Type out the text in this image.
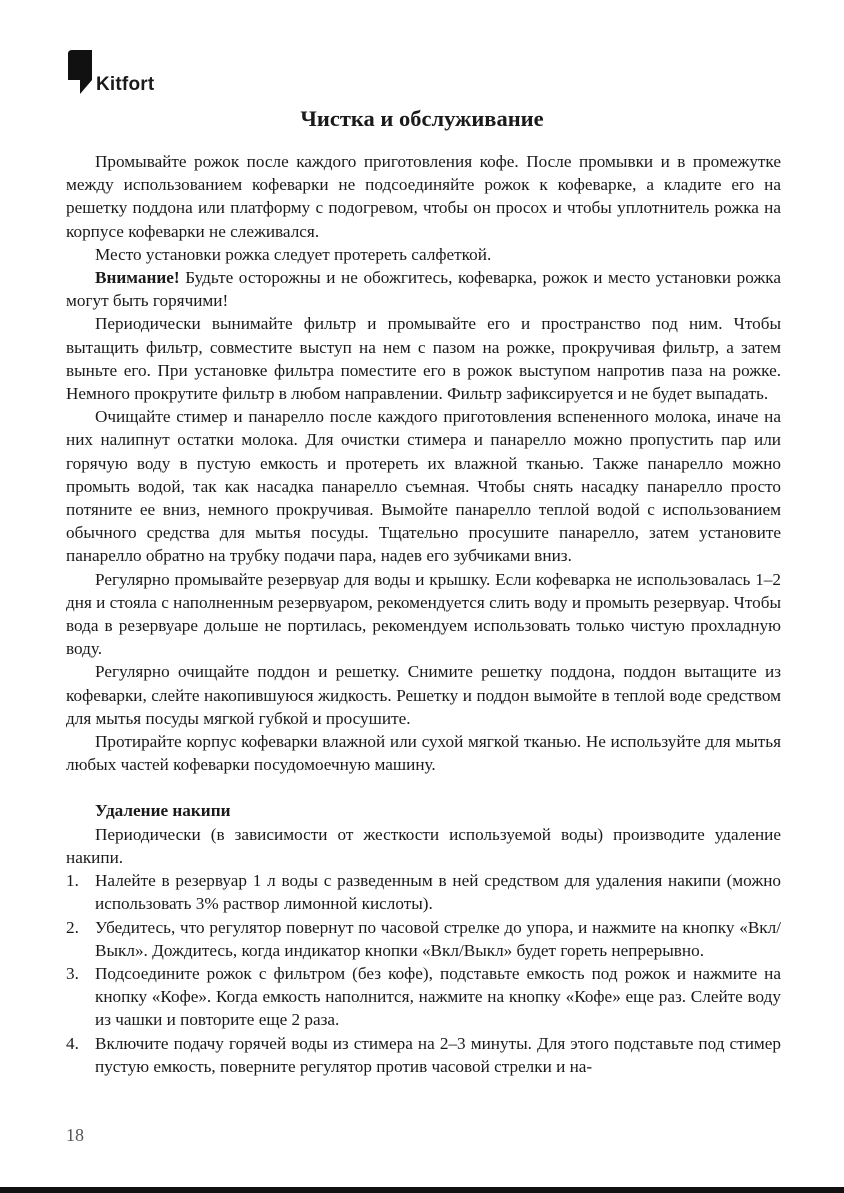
Kitfort
Чистка и обслуживание

Промывайте рожок после каждого приготовления кофе. После промывки и в промежутке между использованием кофеварки не подсоединяйте рожок к кофеварке, а кладите его на решетку поддона или платформу с подогревом, чтобы он просох и чтобы уплотнитель рожка на корпусе кофеварки не слеживался.

Место установки рожка следует протереть салфеткой.

Внимание! Будьте осторожны и не обожгитесь, кофеварка, рожок и место установки рожка могут быть горячими!

Периодически вынимайте фильтр и промывайте его и пространство под ним. Чтобы вытащить фильтр, совместите выступ на нем с пазом на рожке, прокручивая фильтр, а затем выньте его. При установке фильтра поместите его в рожок выступом напротив паза на рожке. Немного прокрутите фильтр в любом направлении. Фильтр зафиксируется и не будет выпадать.

Очищайте стимер и панарелло после каждого приготовления вспененного молока, иначе на них налипнут остатки молока. Для очистки стимера и панарелло можно пропустить пар или горячую воду в пустую емкость и протереть их влажной тканью. Также панарелло можно промыть водой, так как насадка панарелло съемная. Чтобы снять насадку панарелло просто потяните ее вниз, немного прокручивая. Вымойте панарелло теплой водой с использованием обычного средства для мытья посуды. Тщательно просушите панарелло, затем установите панарелло обратно на трубку подачи пара, надев его зубчиками вниз.

Регулярно промывайте резервуар для воды и крышку. Если кофеварка не использовалась 1–2 дня и стояла с наполненным резервуаром, рекомендуется слить воду и промыть резервуар. Чтобы вода в резервуаре дольше не портилась, рекомендуем использовать только чистую прохладную воду.

Регулярно очищайте поддон и решетку. Снимите решетку поддона, поддон вытащите из кофеварки, слейте накопившуюся жидкость. Решетку и поддон вымойте в теплой воде средством для мытья посуды мягкой губкой и просушите.

Протирайте корпус кофеварки влажной или сухой мягкой тканью. Не используйте для мытья любых частей кофеварки посудомоечную машину.

Удаление накипи

Периодически (в зависимости от жесткости используемой воды) производите удаление накипи.

1. Налейте в резервуар 1 л воды с разведенным в ней средством для удаления накипи (можно использовать 3% раствор лимонной кислоты).
2. Убедитесь, что регулятор повернут по часовой стрелке до упора, и нажмите на кнопку «Вкл/Выкл». Дождитесь, когда индикатор кнопки «Вкл/Выкл» будет гореть непрерывно.
3. Подсоедините рожок с фильтром (без кофе), подставьте емкость под рожок и нажмите на кнопку «Кофе». Когда емкость наполнится, нажмите на кнопку «Кофе» еще раз. Слейте воду из чашки и повторите еще 2 раза.
4. Включите подачу горячей воды из стимера на 2–3 минуты. Для этого подставьте под стимер пустую емкость, поверните регулятор против часовой стрелки и на-
18
